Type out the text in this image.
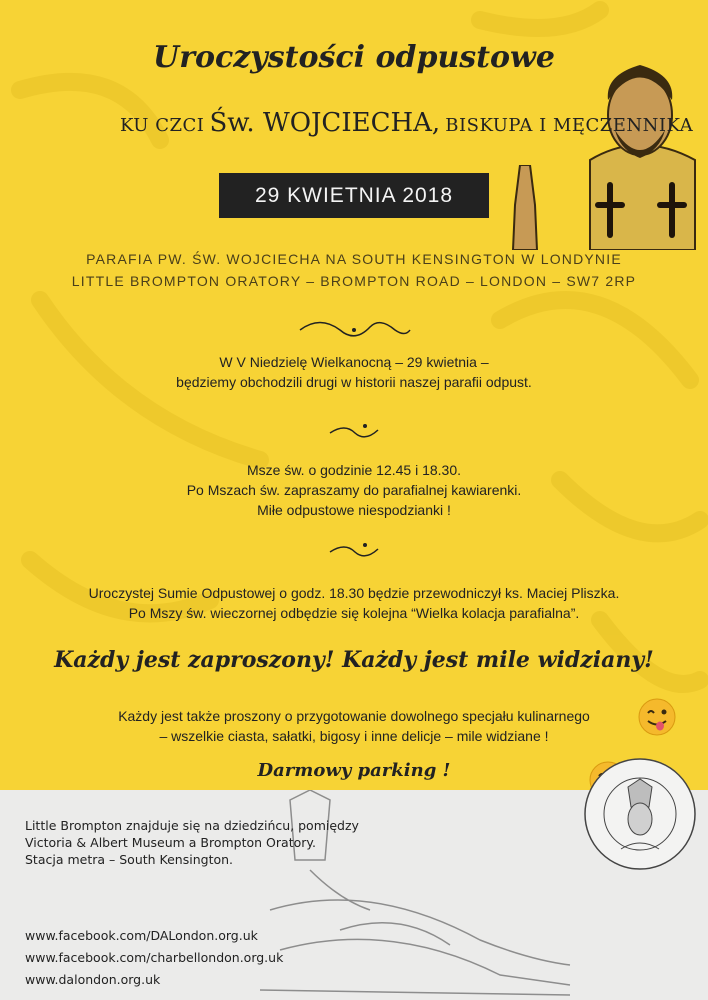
Uroczystości odpustowe
KU CZCI Św. WOJCIECHA, BISKUPA I MĘCZENNIKA
29 KWIETNIA 2018
PARAFIA PW. ŚW. WOJCIECHA NA SOUTH KENSINGTON W LONDYNIE
LITTLE BROMPTON ORATORY – BROMPTON ROAD – LONDON – SW7 2RP
W V Niedzielę Wielkanocną – 29 kwietnia –
będziemy obchodzili drugi w historii naszej parafii odpust.
Msze św. o godzinie 12.45 i 18.30.
Po Mszach św. zapraszamy do parafialnej kawiarenki.
Miłe odpustowe niespodzianki !
Uroczystej Sumie Odpustowej o godz. 18.30 będzie przewodniczył ks. Maciej Pliszka.
Po Mszy św. wieczornej odbędzie się kolejna “Wielka kolacja parafialna”.
Każdy jest zaproszony! Każdy jest mile widziany!
Każdy jest także proszony o przygotowanie dowolnego specjału kulinarnego
– wszelkie ciasta, sałatki, bigosy i inne delicje – mile widziane !
Darmowy parking !
Little Brompton znajduje się na dziedzińcu, pomiędzy
Victoria & Albert Museum a Brompton Oratory.
Stacja metra – South Kensington.
www.facebook.com/DALondon.org.uk
www.facebook.com/charbellondon.org.uk
www.dalondon.org.uk
